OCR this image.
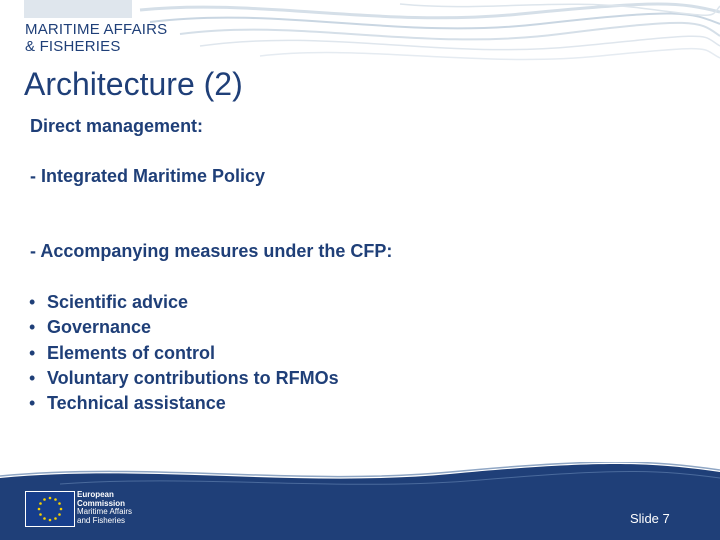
MARITIME AFFAIRS
& FISHERIES
Architecture (2)
Direct management:
- Integrated Maritime Policy
- Accompanying measures under the CFP:
• Scientific advice
• Governance
• Elements of control
• Voluntary contributions to RFMOs
• Technical assistance
European
Commission
Maritime Affairs
and Fisheries	Slide 7
